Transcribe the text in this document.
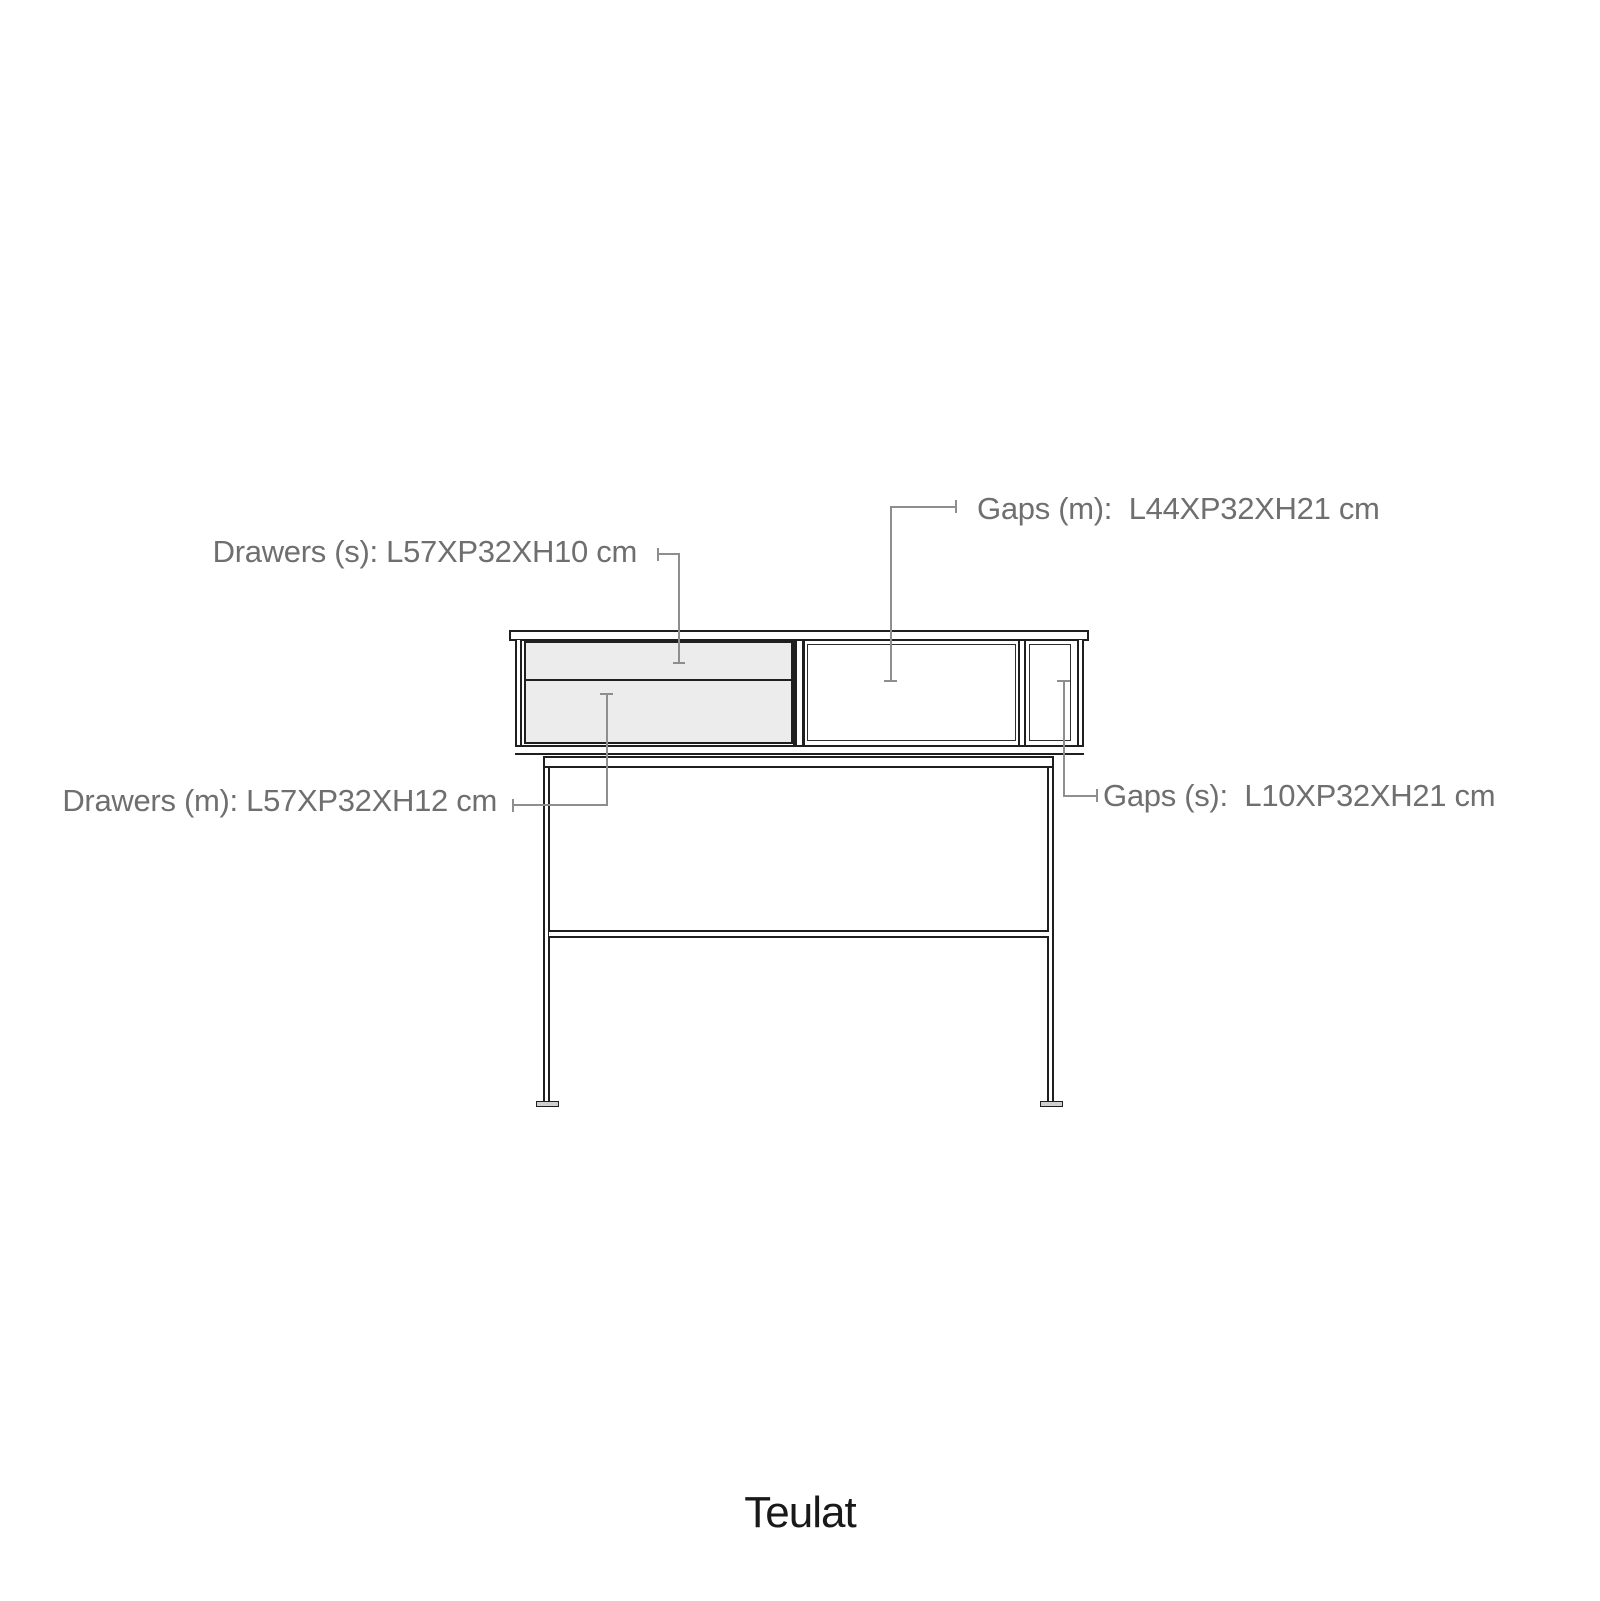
Drawers (s): L57XP32XH10 cm
Gaps (m):  L44XP32XH21 cm
Drawers (m): L57XP32XH12 cm	Gaps (s):  L10XP32XH21 cm
Teulat
